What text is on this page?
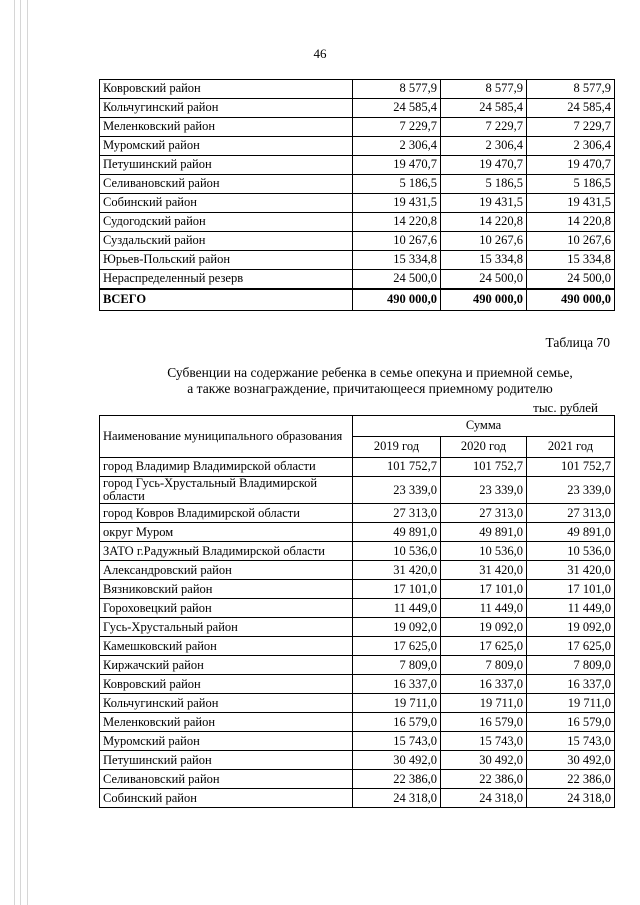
46
Ковровский район	8 577,9	8 577,9	8 577,9
Кольчугинский район	24 585,4	24 585,4	24 585,4
Меленковский район	7 229,7	7 229,7	7 229,7
Муромский район	2 306,4	2 306,4	2 306,4
Петушинский район	19 470,7	19 470,7	19 470,7
Селивановский район	5 186,5	5 186,5	5 186,5
Собинский район	19 431,5	19 431,5	19 431,5
Судогодский район	14 220,8	14 220,8	14 220,8
Суздальский район	10 267,6	10 267,6	10 267,6
Юрьев-Польский район	15 334,8	15 334,8	15 334,8
Нераспределенный резерв	24 500,0	24 500,0	24 500,0
ВСЕГО	490 000,0	490 000,0	490 000,0
Таблица 70
Субвенции на содержание ребенка в семье опекуна и приемной семье,
а также вознаграждение, причитающееся приемному родителю
тыс. рублей
Наименование муниципального образования	Сумма		
	2019 год	2020 год	2021 год
город Владимир Владимирской области	101 752,7	101 752,7	101 752,7
город Гусь-Хрустальный Владимирской области	23 339,0	23 339,0	23 339,0
город Ковров Владимирской области	27 313,0	27 313,0	27 313,0
округ Муром	49 891,0	49 891,0	49 891,0
ЗАТО г.Радужный Владимирской области	10 536,0	10 536,0	10 536,0
Александровский район	31 420,0	31 420,0	31 420,0
Вязниковский район	17 101,0	17 101,0	17 101,0
Гороховецкий район	11 449,0	11 449,0	11 449,0
Гусь-Хрустальный район	19 092,0	19 092,0	19 092,0
Камешковский район	17 625,0	17 625,0	17 625,0
Киржачский район	7 809,0	7 809,0	7 809,0
Ковровский район	16 337,0	16 337,0	16 337,0
Кольчугинский район	19 711,0	19 711,0	19 711,0
Меленковский район	16 579,0	16 579,0	16 579,0
Муромский район	15 743,0	15 743,0	15 743,0
Петушинский район	30 492,0	30 492,0	30 492,0
Селивановский район	22 386,0	22 386,0	22 386,0
Собинский район	24 318,0	24 318,0	24 318,0
